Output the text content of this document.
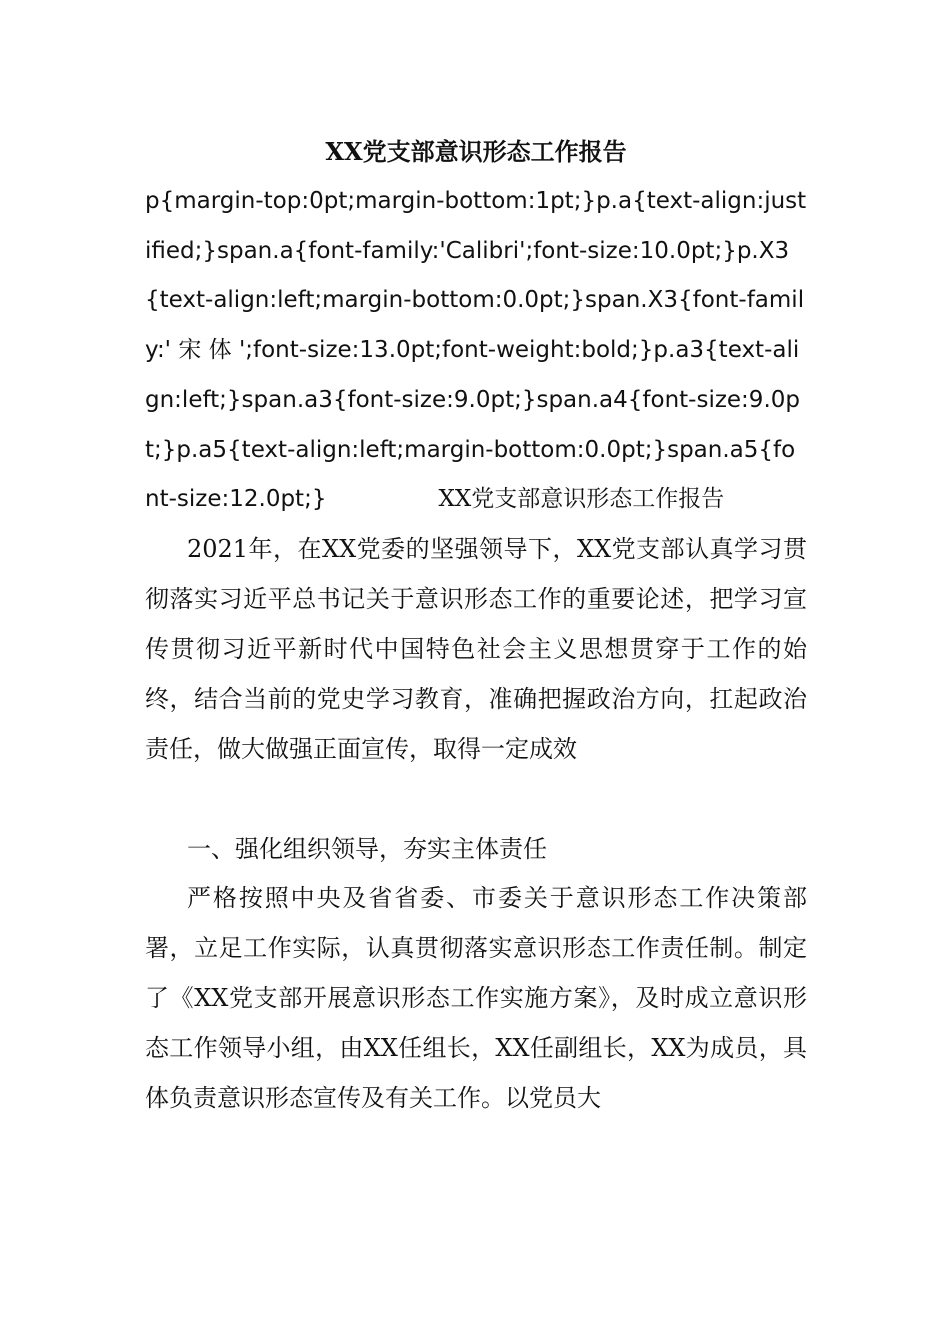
XX党支部意识形态工作报告

p{margin-top:0pt;margin-bottom:1pt;}p.a{text-align:justified;}span.a{font-family:'Calibri';font-size:10.0pt;}p.X3{text-align:left;margin-bottom:0.0pt;}span.X3{font-family:' 宋 体 ';font-size:13.0pt;font-weight:bold;}p.a3{text-align:left;}span.a3{font-size:9.0pt;}span.a4{font-size:9.0pt;}p.a5{text-align:left;margin-bottom:0.0pt;}span.a5{font-size:12.0pt;}	XX党支部意识形态工作报告

2021年，在XX党委的坚强领导下，XX党支部认真学习贯彻落实习近平总书记关于意识形态工作的重要论述，把学习宣传贯彻习近平新时代中国特色社会主义思想贯穿于工作的始终，结合当前的党史学习教育，准确把握政治方向，扛起政治责任，做大做强正面宣传，取得一定成效

一、强化组织领导，夯实主体责任

严格按照中央及省省委、市委关于意识形态工作决策部署，立足工作实际，认真贯彻落实意识形态工作责任制。制定了《XX党支部开展意识形态工作实施方案》，及时成立意识形态工作领导小组，由XX任组长，XX任副组长，XX为成员，具体负责意识形态宣传及有关工作。以党员大
